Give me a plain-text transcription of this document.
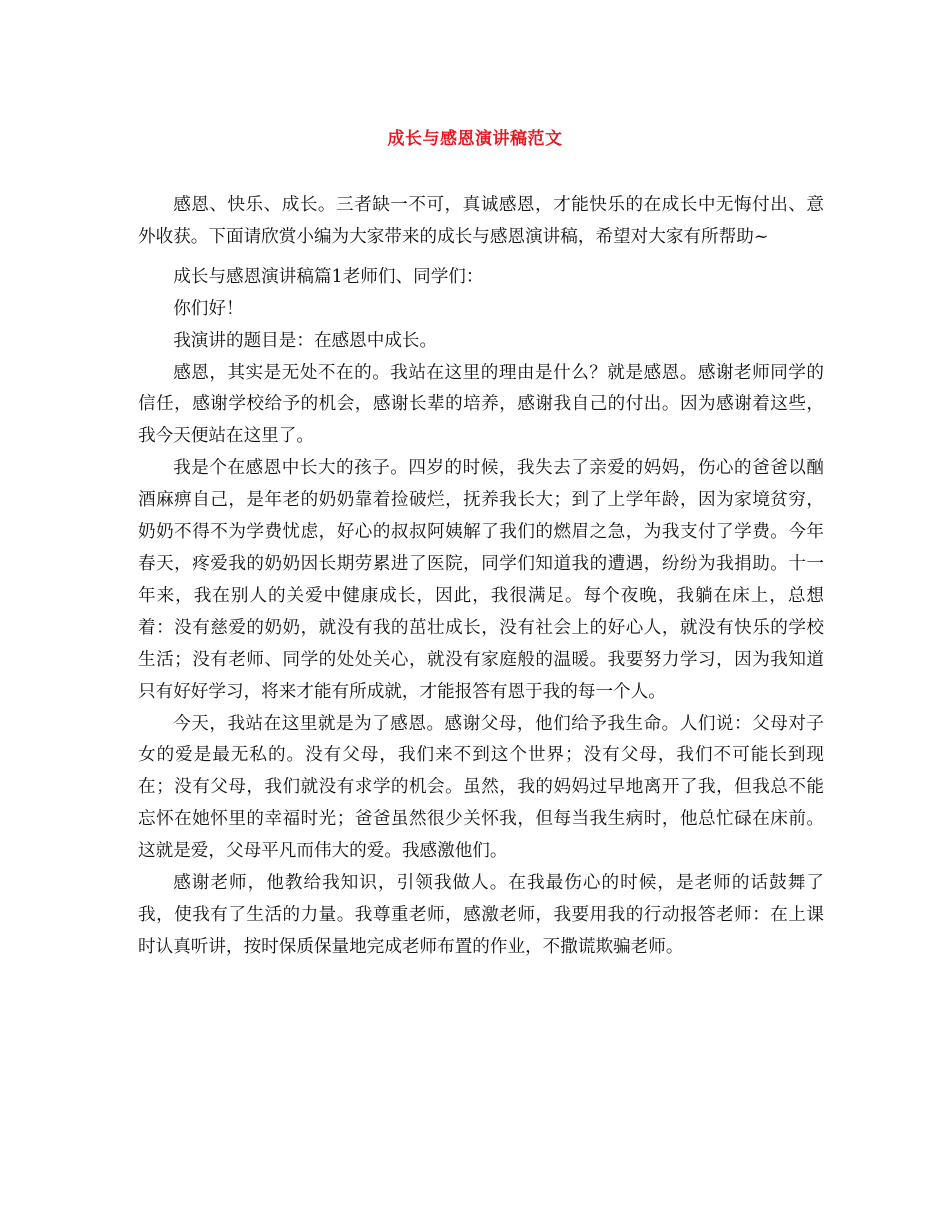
成长与感恩演讲稿范文

感恩、快乐、成长。三者缺一不可，真诚感恩，才能快乐的在成长中无悔付出、意外收获。下面请欣赏小编为大家带来的成长与感恩演讲稿，希望对大家有所帮助~

成长与感恩演讲稿篇1老师们、同学们：

你们好！

我演讲的题目是：在感恩中成长。

感恩，其实是无处不在的。我站在这里的理由是什么？就是感恩。感谢老师同学的信任，感谢学校给予的机会，感谢长辈的培养，感谢我自己的付出。因为感谢着这些，我今天便站在这里了。

我是个在感恩中长大的孩子。四岁的时候，我失去了亲爱的妈妈，伤心的爸爸以酗酒麻痹自己，是年老的奶奶靠着捡破烂，抚养我长大；到了上学年龄，因为家境贫穷，奶奶不得不为学费忧虑，好心的叔叔阿姨解了我们的燃眉之急，为我支付了学费。今年春天，疼爱我的奶奶因长期劳累进了医院，同学们知道我的遭遇，纷纷为我捐助。十一年来，我在别人的关爱中健康成长，因此，我很满足。每个夜晚，我躺在床上，总想着：没有慈爱的奶奶，就没有我的茁壮成长，没有社会上的好心人，就没有快乐的学校生活；没有老师、同学的处处关心，就没有家庭般的温暖。我要努力学习，因为我知道只有好好学习，将来才能有所成就，才能报答有恩于我的每一个人。

今天，我站在这里就是为了感恩。感谢父母，他们给予我生命。人们说：父母对子女的爱是最无私的。没有父母，我们来不到这个世界；没有父母，我们不可能长到现在；没有父母，我们就没有求学的机会。虽然，我的妈妈过早地离开了我，但我总不能忘怀在她怀里的幸福时光；爸爸虽然很少关怀我，但每当我生病时，他总忙碌在床前。这就是爱，父母平凡而伟大的爱。我感激他们。

感谢老师，他教给我知识，引领我做人。在我最伤心的时候，是老师的话鼓舞了我，使我有了生活的力量。我尊重老师，感激老师，我要用我的行动报答老师：在上课时认真听讲，按时保质保量地完成老师布置的作业，不撒谎欺骗老师。
